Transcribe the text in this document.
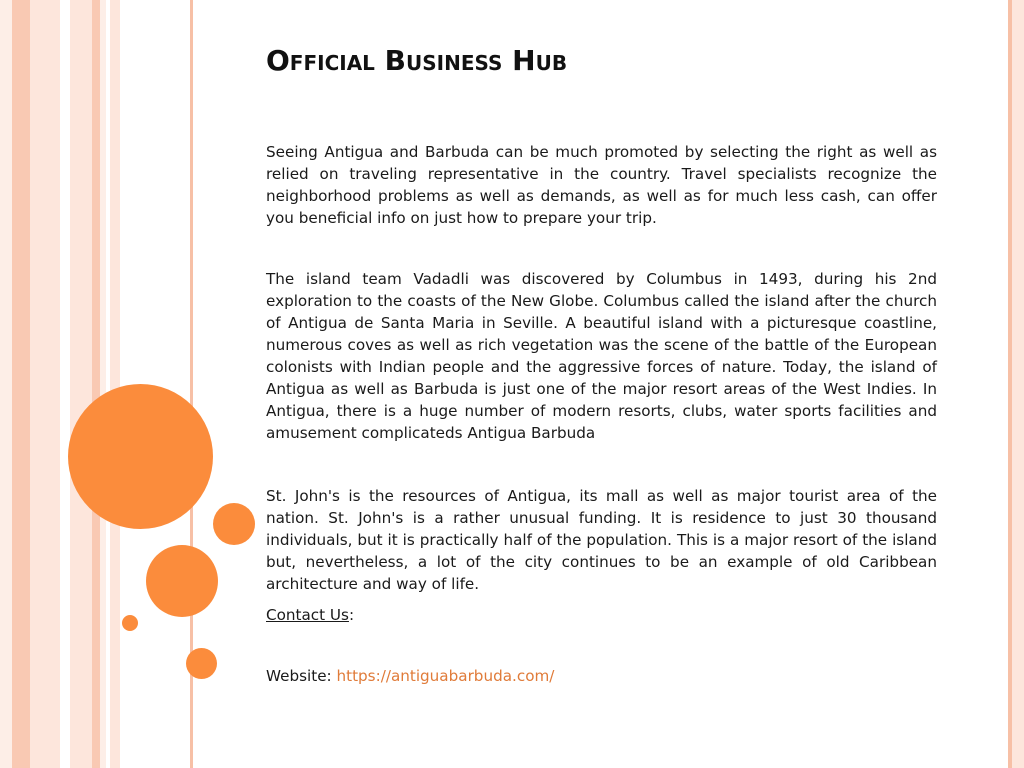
Official Business Hub

Seeing Antigua and Barbuda can be much promoted by selecting the right as well as relied on traveling representative in the country. Travel specialists recognize the neighborhood problems as well as demands, as well as for much less cash, can offer you beneficial info on just how to prepare your trip.

The island team Vadadli was discovered by Columbus in 1493, during his 2nd exploration to the coasts of the New Globe. Columbus called the island after the church of Antigua de Santa Maria in Seville. A beautiful island with a picturesque coastline, numerous coves as well as rich vegetation was the scene of the battle of the European colonists with Indian people and the aggressive forces of nature. Today, the island of Antigua as well as Barbuda is just one of the major resort areas of the West Indies. In Antigua, there is a huge number of modern resorts, clubs, water sports facilities and amusement complicateds Antigua Barbuda

St. John's is the resources of Antigua, its mall as well as major tourist area of the nation. St. John's is a rather unusual funding. It is residence to just 30 thousand individuals, but it is practically half of the population. This is a major resort of the island but, nevertheless, a lot of the city continues to be an example of old Caribbean architecture and way of life.

Contact Us:
Website: https://antiguabarbuda.com/
